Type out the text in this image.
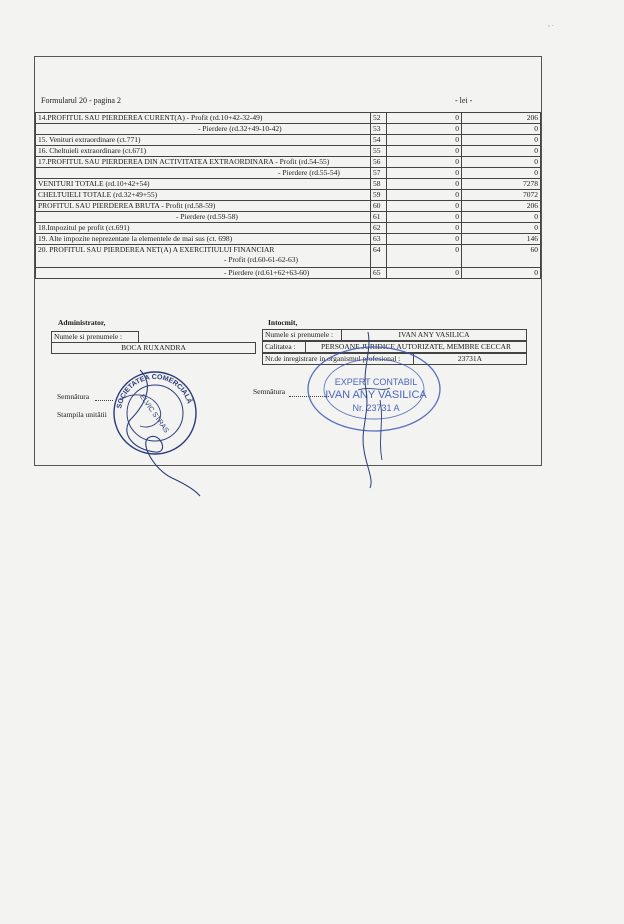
◦ ·
Formularul 20 - pagina 2	- lei -
14.PROFITUL SAU PIERDEREA CURENT(A) - Profit (rd.10+42-32-49)	52	0	206
- Pierdere (rd.32+49-10-42)	53	0	0
15. Venituri extraordinare (ct.771)	54	0	0
16. Cheltuieli extraordinare (ct.671)	55	0	0
17.PROFITUL SAU PIERDEREA DIN ACTIVITATEA EXTRAORDINARA - Profit (rd.54-55)	56	0	0
- Pierdere (rd.55-54)	57	0	0
VENITURI TOTALE (rd.10+42+54)	58	0	7278
CHELTUIELI TOTALE (rd.32+49+55)	59	0	7072
PROFITUL SAU PIERDEREA BRUTA - Profit (rd.58-59)	60	0	206
- Pierdere (rd.59-58)	61	0	0
18.Impozitul pe profit (ct.691)	62	0	0
19. Alte impozite neprezentate la elementele de mai sus (ct. 698)	63	0	146
20. PROFITUL SAU PIERDEREA NET(A) A EXERCITIULUI FINANCIAR
- Profit (rd.60-61-62-63)	64	0	60
- Pierdere (rd.61+62+63-60)	65	0	0
Administrator,
Numele si prenumele :
BOCA RUXANDRA
Semnătura
Stampila unitătii
Intocmit,
Numele si prenumele :	IVAN ANY VASILICA
Calitatea :	PERSOANE JURIDICE AUTORIZATE, MEMBRE CECCAR
Nr.de inregistrare in organismul profesional :	23731A
Semnătura
SOCIETATEA COMERCIALĂ
ELVIC STRAS
EXPERT CONTABIL
IVAN ANY VASILICA
Nr. 23731 A
